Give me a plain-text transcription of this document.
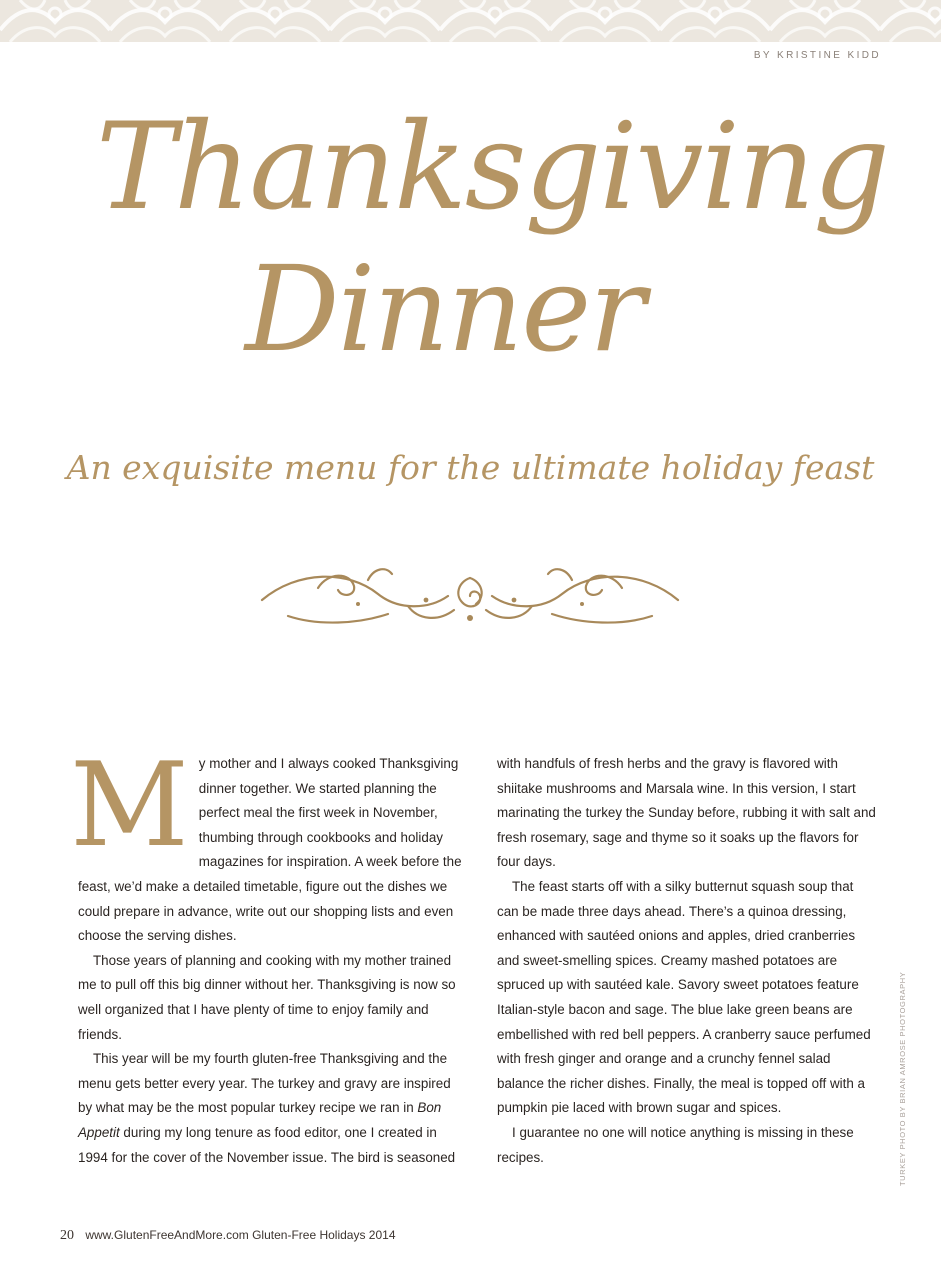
BY KRISTINE KIDD
Thanksgiving
Dinner
An exquisite menu for the ultimate holiday feast

My mother and I always cooked Thanksgiving dinner together. We started planning the perfect meal the first week in November, thumbing through cookbooks and holiday magazines for inspiration. A week before the feast, we’d make a detailed timetable, figure out the dishes we could prepare in advance, write out our shopping lists and even choose the serving dishes.

Those years of planning and cooking with my mother trained me to pull off this big dinner without her. Thanksgiving is now so well organized that I have plenty of time to enjoy family and friends.

This year will be my fourth gluten-free Thanksgiving and the menu gets better every year. The turkey and gravy are inspired by what may be the most popular turkey recipe we ran in Bon Appetit during my long tenure as food editor, one I created in 1994 for the cover of the November issue. The bird is seasoned

with handfuls of fresh herbs and the gravy is flavored with shiitake mushrooms and Marsala wine. In this version, I start marinating the turkey the Sunday before, rubbing it with salt and fresh rosemary, sage and thyme so it soaks up the flavors for four days.

The feast starts off with a silky butternut squash soup that can be made three days ahead. There’s a quinoa dressing, enhanced with sautéed onions and apples, dried cranberries and sweet-smelling spices. Creamy mashed potatoes are spruced up with sautéed kale. Savory sweet potatoes feature Italian-style bacon and sage. The blue lake green beans are embellished with red bell peppers. A cranberry sauce perfumed with fresh ginger and orange and a crunchy fennel salad balance the richer dishes. Finally, the meal is topped off with a pumpkin pie laced with brown sugar and spices.

I guarantee no one will notice anything is missing in these recipes.	TURKEY PHOTO BY BRIAN AMROSE PHOTOGRAPHY
20 www.GlutenFreeAndMore.com Gluten-Free Holidays 2014
